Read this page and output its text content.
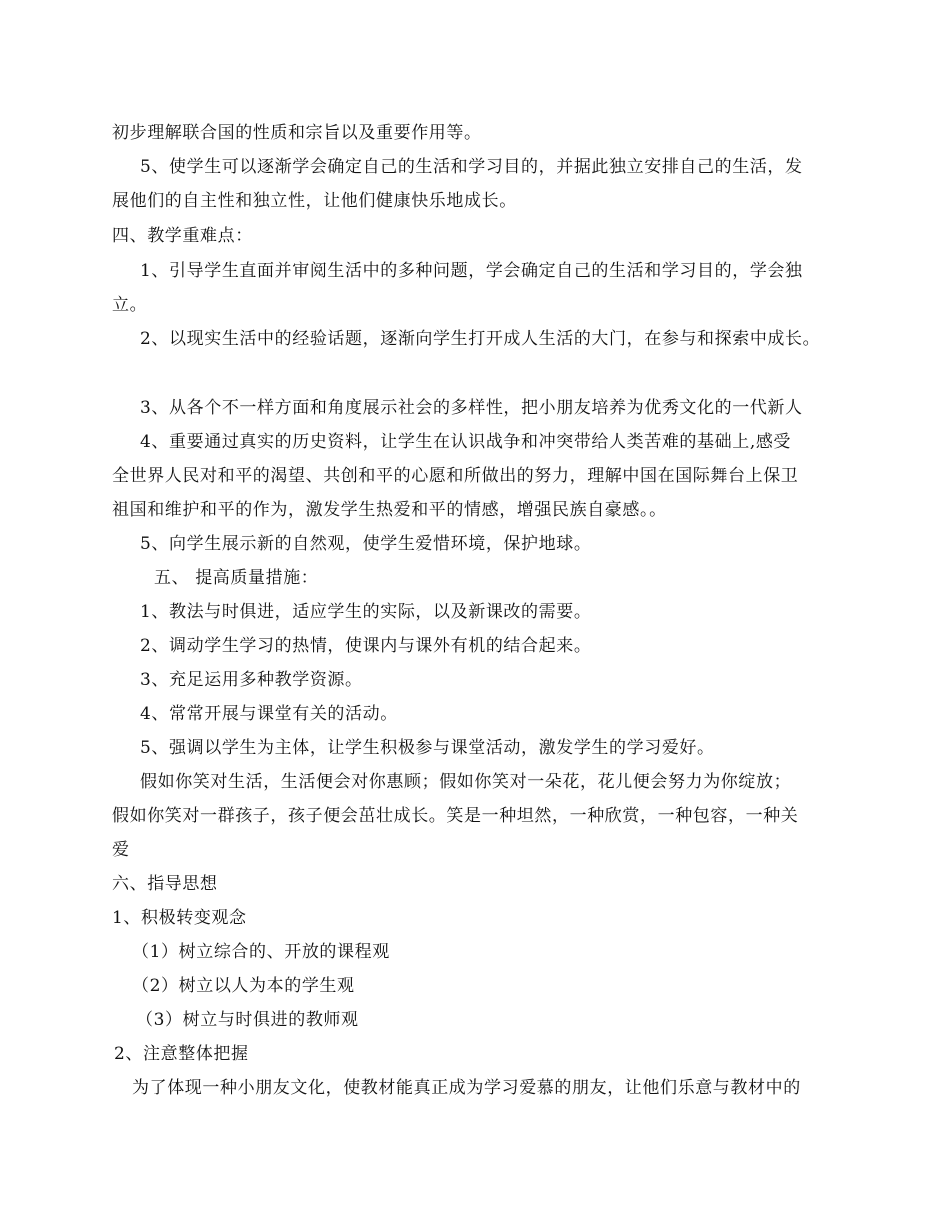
初步理解联合国的性质和宗旨以及重要作用等。
5、使学生可以逐渐学会确定自己的生活和学习目的，并据此独立安排自己的生活，发
展他们的自主性和独立性，让他们健康快乐地成长。
四、教学重难点：
1、引导学生直面并审阅生活中的多种问题，学会确定自己的生活和学习目的，学会独
立。
2、以现实生活中的经验话题，逐渐向学生打开成人生活的大门，在参与和探索中成长。
3、从各个不一样方面和角度展示社会的多样性，把小朋友培养为优秀文化的一代新人
4、重要通过真实的历史资料，让学生在认识战争和冲突带给人类苦难的基础上,感受
全世界人民对和平的渴望、共创和平的心愿和所做出的努力，理解中国在国际舞台上保卫
祖国和维护和平的作为，激发学生热爱和平的情感，增强民族自豪感。。
5、向学生展示新的自然观，使学生爱惜环境，保护地球。
五、 提高质量措施：
1、教法与时俱进，适应学生的实际，以及新课改的需要。
2、调动学生学习的热情，使课内与课外有机的结合起来。
3、充足运用多种教学资源。
4、常常开展与课堂有关的活动。
5、强调以学生为主体，让学生积极参与课堂活动，激发学生的学习爱好。
假如你笑对生活，生活便会对你惠顾；假如你笑对一朵花，花儿便会努力为你绽放；
假如你笑对一群孩子，孩子便会茁壮成长。笑是一种坦然，一种欣赏，一种包容，一种关
爱
六、指导思想
1、积极转变观念
（1）树立综合的、开放的课程观
（2）树立以人为本的学生观
（3）树立与时俱进的教师观
2、注意整体把握
为了体现一种小朋友文化，使教材能真正成为学习爱慕的朋友，让他们乐意与教材中的
